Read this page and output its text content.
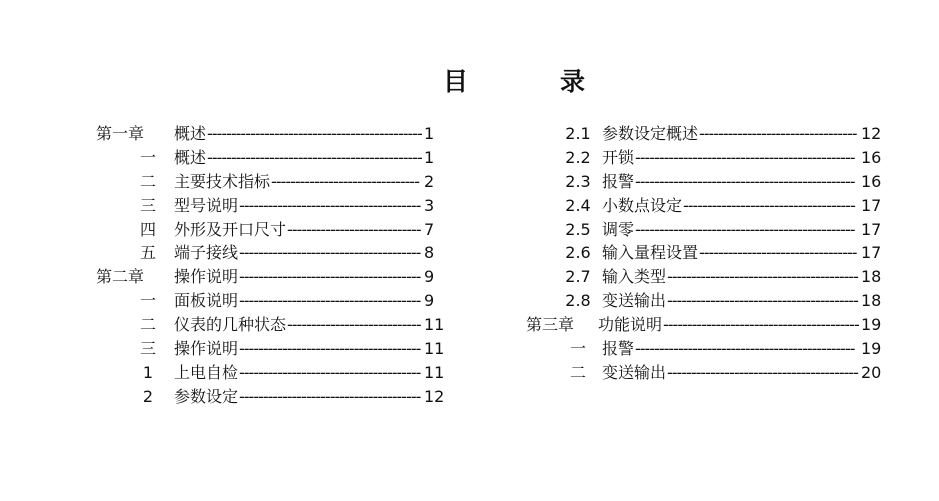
目	录
第一章 概述 --------------------------------------------- 1
一	概述 --------------------------------------------- 1
二	主要技术指标 ------------------------------- 2
三	型号说明 -------------------------------------- 3
四	外形及开口尺寸 ---------------------------- 7
五	端子接线 -------------------------------------- 8
第二章 操作说明 -------------------------------------- 9
一	面板说明 -------------------------------------- 9
二	仪表的几种状态 ---------------------------- 11
三	操作说明 -------------------------------------- 11
1	上电自检 -------------------------------------- 11
2	参数设定 -------------------------------------- 12
2.1 参数设定概述 --------------------------------- 12
2.2 开锁 ---------------------------------------------- 16
2.3 报警 ---------------------------------------------- 16
2.4 小数点设定 ------------------------------------ 17
2.5 调零 ---------------------------------------------- 17
2.6 输入量程设置 --------------------------------- 17
2.7 输入类型 ---------------------------------------- 18
2.8 变送输出 ---------------------------------------- 18
第三章 功能说明 ----------------------------------------- 19
一	报警 ---------------------------------------------- 19
二	变送输出 ---------------------------------------- 20
